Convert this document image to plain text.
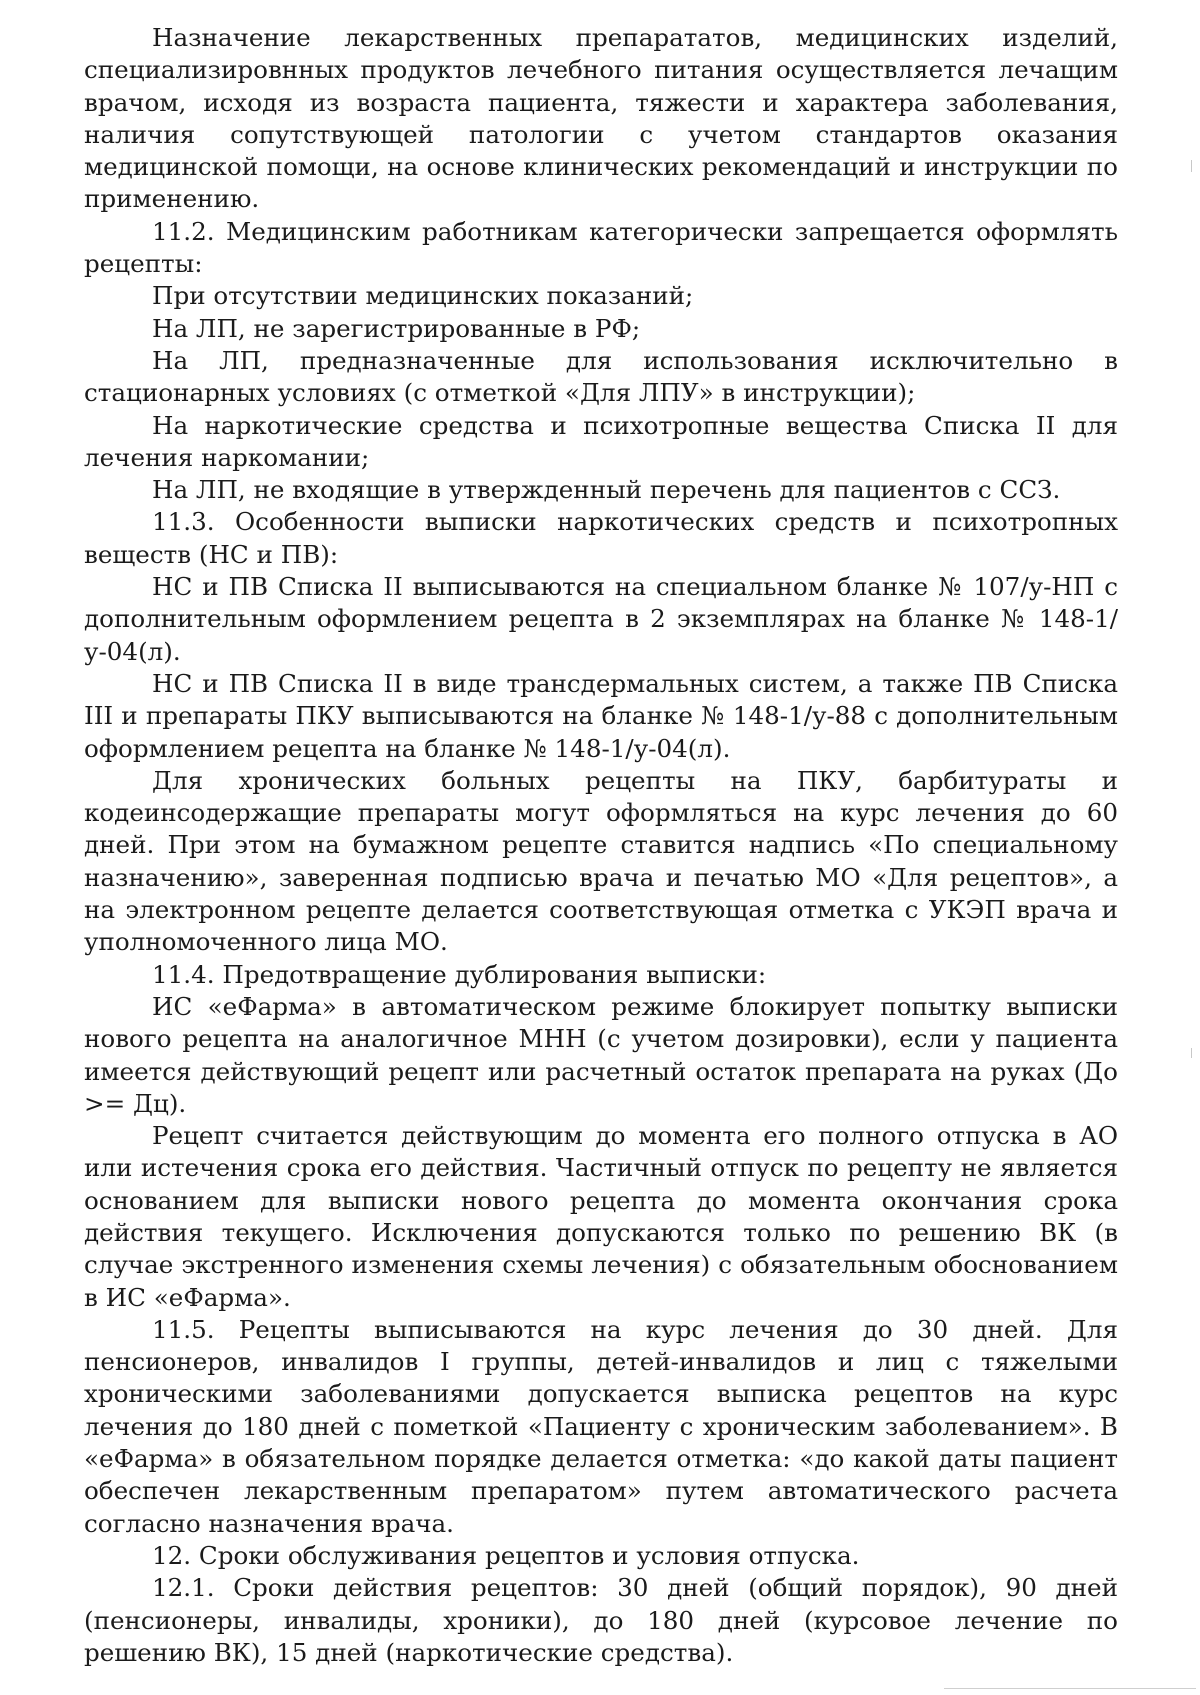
Назначение лекарственных препарататов, медицинских изделий, специализировнных продуктов лечебного питания осуществляется лечащим врачом, исходя из возраста пациента, тяжести и характера заболевания, наличия сопутствующей патологии с учетом стандартов оказания медицинской помощи, на основе клинических рекомендаций и инструкции по применению.

11.2. Медицинским работникам категорически запрещается оформлять рецепты:

При отсутствии медицинских показаний;

На ЛП, не зарегистрированные в РФ;

На ЛП, предназначенные для использования исключительно в стационарных условиях (с отметкой «Для ЛПУ» в инструкции);

На наркотические средства и психотропные вещества Списка II для лечения наркомании;

На ЛП, не входящие в утвержденный перечень для пациентов с ССЗ.

11.3. Особенности выписки наркотических средств и психотропных веществ (НС и ПВ):

НС и ПВ Списка II выписываются на специальном бланке № 107/у-НП с дополнительным оформлением рецепта в 2 экземплярах на бланке № 148-1/у-04(л).

НС и ПВ Списка II в виде трансдермальных систем, а также ПВ Списка III и препараты ПКУ выписываются на бланке № 148-1/у-88 с дополнительным оформлением рецепта на бланке № 148-1/у-04(л).

Для хронических больных рецепты на ПКУ, барбитураты и кодеинсодержащие препараты могут оформляться на курс лечения до 60 дней. При этом на бумажном рецепте ставится надпись «По специальному назначению», заверенная подписью врача и печатью МО «Для рецептов», а на электронном рецепте делается соответствующая отметка с УКЭП врача и уполномоченного лица МО.

11.4. Предотвращение дублирования выписки:

ИС «еФарма» в автоматическом режиме блокирует попытку выписки нового рецепта на аналогичное МНН (с учетом дозировки), если у пациента имеется действующий рецепт или расчетный остаток препарата на руках (До >= Дц).

Рецепт считается действующим до момента его полного отпуска в АО или истечения срока его действия. Частичный отпуск по рецепту не является основанием для выписки нового рецепта до момента окончания срока действия текущего. Исключения допускаются только по решению ВК (в случае экстренного изменения схемы лечения) с обязательным обоснованием в ИС «еФарма».

11.5. Рецепты выписываются на курс лечения до 30 дней. Для пенсионеров, инвалидов I группы, детей-инвалидов и лиц с тяжелыми хроническими заболеваниями допускается выписка рецептов на курс лечения до 180 дней с пометкой «Пациенту с хроническим заболеванием». В «еФарма» в обязательном порядке делается отметка: «до какой даты пациент обеспечен лекарственным препаратом» путем автоматического расчета согласно назначения врача.

12. Сроки обслуживания рецептов и условия отпуска.

12.1. Сроки действия рецептов: 30 дней (общий порядок), 90 дней (пенсионеры, инвалиды, хроники), до 180 дней (курсовое лечение по решению ВК), 15 дней (наркотические средства).
